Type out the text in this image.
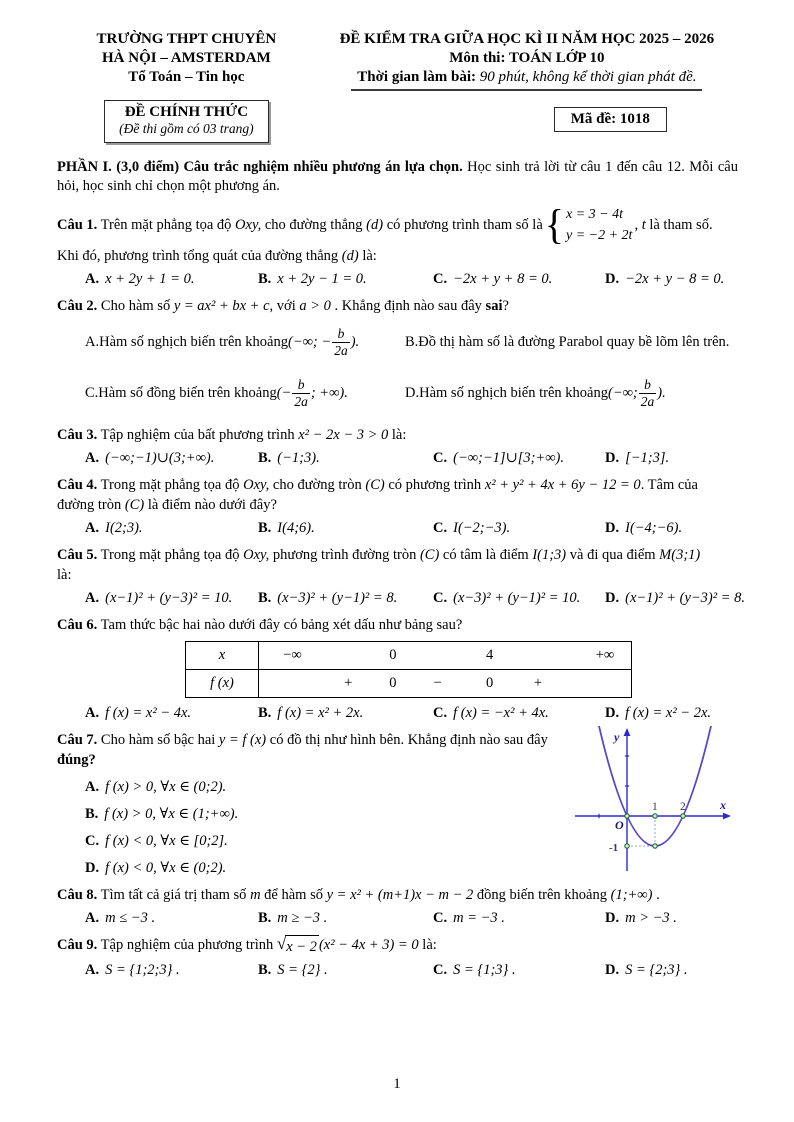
TRƯỜNG THPT CHUYÊN
HÀ NỘI – AMSTERDAM
Tổ Toán – Tin học
ĐỀ KIỂM TRA GIỮA HỌC KÌ II NĂM HỌC 2025 – 2026
Môn thi: TOÁN LỚP 10
Thời gian làm bài: 90 phút, không kể thời gian phát đề.
ĐỀ CHÍNH THỨC
(Đề thi gồm có 03 trang)
Mã đề: 1018
PHẦN I. (3,0 điểm) Câu trắc nghiệm nhiều phương án lựa chọn. Học sinh trả lời từ câu 1 đến câu 12. Mỗi câu hỏi, học sinh chỉ chọn một phương án.
Câu 1. Trên mặt phẳng tọa độ Oxy, cho đường thẳng (d) có phương trình tham số là { x = 3 − 4t
y = −2 + 2t
, t là tham số.
Khi đó, phương trình tổng quát của đường thẳng (d) là:
A. x + 2y + 1 = 0.	B. x + 2y − 1 = 0.	C. −2x + y + 8 = 0.	D. −2x + y − 8 = 0.
Câu 2. Cho hàm số y = ax² + bx + c, với a > 0 . Khẳng định nào sau đây sai?
A. Hàm số nghịch biến trên khoảng (−∞; − $\frac{b}{2a}$ ).	B. Đồ thị hàm số là đường Parabol quay bề lõm lên trên.
C. Hàm số đồng biến trên khoảng (− $\frac{b}{2a}$ ; +∞).	D. Hàm số nghịch biến trên khoảng (−∞; $\frac{b}{2a}$ ).
Câu 3. Tập nghiệm của bất phương trình x² − 2x − 3 > 0 là:
A. (−∞;−1)∪(3;+∞).	B. (−1;3).	C. (−∞;−1]∪[3;+∞).	D. [−1;3].
Câu 4. Trong mặt phẳng tọa độ Oxy, cho đường tròn (C) có phương trình x² + y² + 4x + 6y − 12 = 0. Tâm của
đường tròn (C) là điểm nào dưới đây?
A. I(2;3).	B. I(4;6).	C. I(−2;−3).	D. I(−4;−6).
Câu 5. Trong mặt phẳng tọa độ Oxy, phương trình đường tròn (C) có tâm là điểm I(1;3) và đi qua điểm M(3;1)
là:
A. (x−1)² + (y−3)² = 10.	B. (x−3)² + (y−1)² = 8.	C. (x−3)² + (y−1)² = 10.	D. (x−1)² + (y−3)² = 8.
Câu 6. Tam thức bậc hai nào dưới đây có bảng xét dấu như bảng sau?
x	−∞	0	4	+∞
f (x)	+	0	−	0	+
A. f (x) = x² − 4x.	B. f (x) = x² + 2x.	C. f (x) = −x² + 4x.	D. f (x) = x² − 2x.
y
x
O
1 2
-1
Câu 7. Cho hàm số bậc hai y = f (x) có đồ thị như hình bên. Khẳng định nào sau đây
đúng?
A. f (x) > 0, ∀x ∈ (0;2).
B. f (x) > 0, ∀x ∈ (1;+∞).
C. f (x) < 0, ∀x ∈ [0;2].
D. f (x) < 0, ∀x ∈ (0;2).
Câu 8. Tìm tất cả giá trị tham số m để hàm số y = x² + (m+1)x − m − 2 đồng biến trên khoảng (1;+∞) .
A. m ≤ −3 .	B. m ≥ −3 .	C. m = −3 .	D. m > −3 .
Câu 9. Tập nghiệm của phương trình √ x − 2 (x² − 4x + 3) = 0 là:
A. S = {1;2;3} .	B. S = {2} .	C. S = {1;3} .	D. S = {2;3} .
1
